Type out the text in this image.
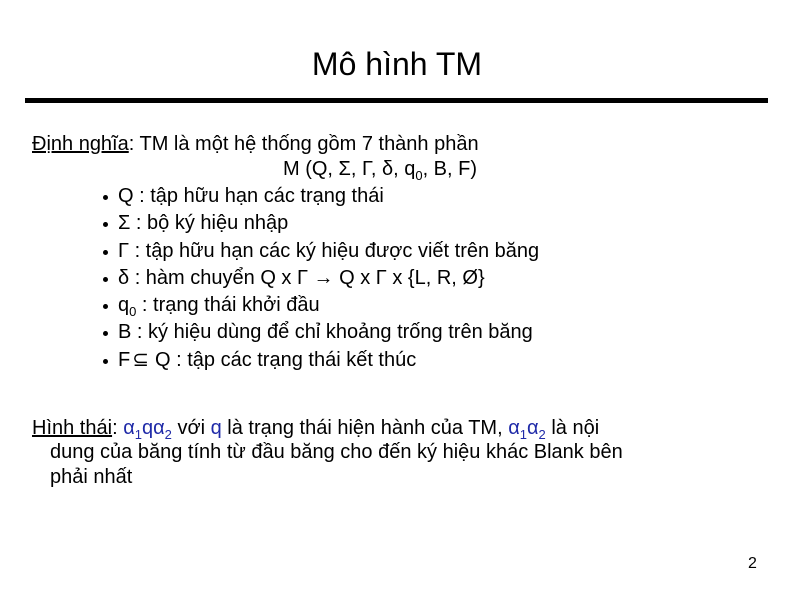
Mô hình TM
Định nghĩa: TM là một hệ thống gồm 7 thành phần
M (Q, Σ, Γ, δ, $q_0$, B, F)
Q : tập hữu hạn các trạng thái
Σ : bộ ký hiệu nhập
Γ : tập hữu hạn các ký hiệu được viết trên băng
δ : hàm chuyển Q x Γ → Q x Γ x {L, R, Ø}
$q_0$ : trạng thái khởi đầu
B : ký hiệu dùng để chỉ khoảng trống trên băng
F ⊆ Q : tập các trạng thái kết thúc
Hình thái: $\alpha_1q\alpha_2$ với q là trạng thái hiện hành của TM, $\alpha_1\alpha_2$ là nội
dung của băng tính từ đầu băng cho đến ký hiệu khác Blank bên
phải nhất
2
